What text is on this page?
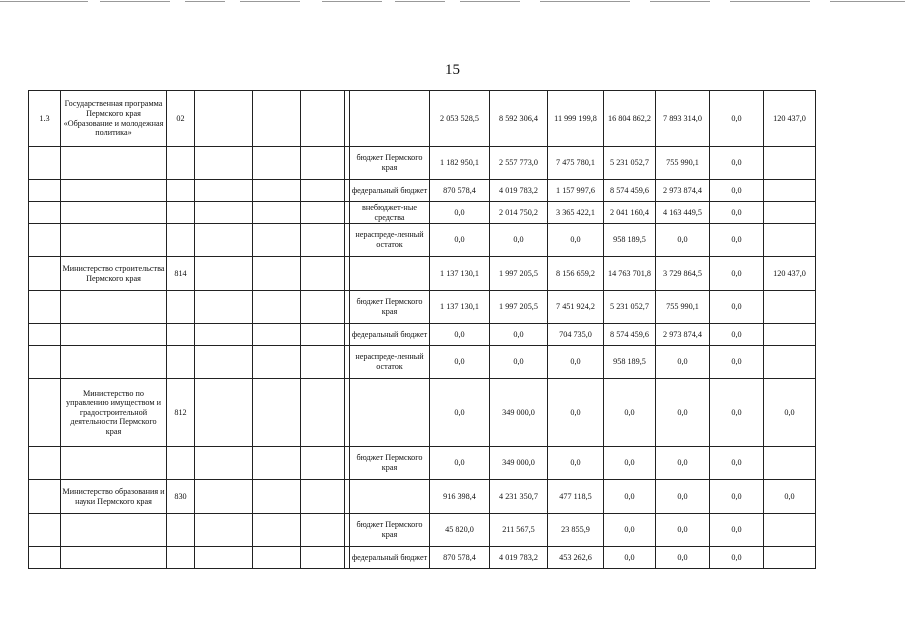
15
1.3	Государственная программа Пермского края «Образование и молодежная политика»	02						2 053 528,5	8 592 306,4	11 999 199,8	16 804 862,2	7 893 314,0	0,0	120 437,0
							бюджет Пермского края	1 182 950,1	2 557 773,0	7 475 780,1	5 231 052,7	755 990,1	0,0	
							федеральный бюджет	870 578,4	4 019 783,2	1 157 997,6	8 574 459,6	2 973 874,4	0,0	
							внебюджет-ные средства	0,0	2 014 750,2	3 365 422,1	2 041 160,4	4 163 449,5	0,0	
							нераспреде-ленный остаток	0,0	0,0	0,0	958 189,5	0,0	0,0	
	Министерство строительства Пермского края	814						1 137 130,1	1 997 205,5	8 156 659,2	14 763 701,8	3 729 864,5	0,0	120 437,0
							бюджет Пермского края	1 137 130,1	1 997 205,5	7 451 924,2	5 231 052,7	755 990,1	0,0	
							федеральный бюджет	0,0	0,0	704 735,0	8 574 459,6	2 973 874,4	0,0	
							нераспреде-ленный остаток	0,0	0,0	0,0	958 189,5	0,0	0,0	
	Министерство по управлению имуществом и градостроительной деятельности Пермского края	812						0,0	349 000,0	0,0	0,0	0,0	0,0	0,0
							бюджет Пермского края	0,0	349 000,0	0,0	0,0	0,0	0,0	
	Министерство образования и науки Пермского края	830						916 398,4	4 231 350,7	477 118,5	0,0	0,0	0,0	0,0
							бюджет Пермского края	45 820,0	211 567,5	23 855,9	0,0	0,0	0,0	
							федеральный бюджет	870 578,4	4 019 783,2	453 262,6	0,0	0,0	0,0	
